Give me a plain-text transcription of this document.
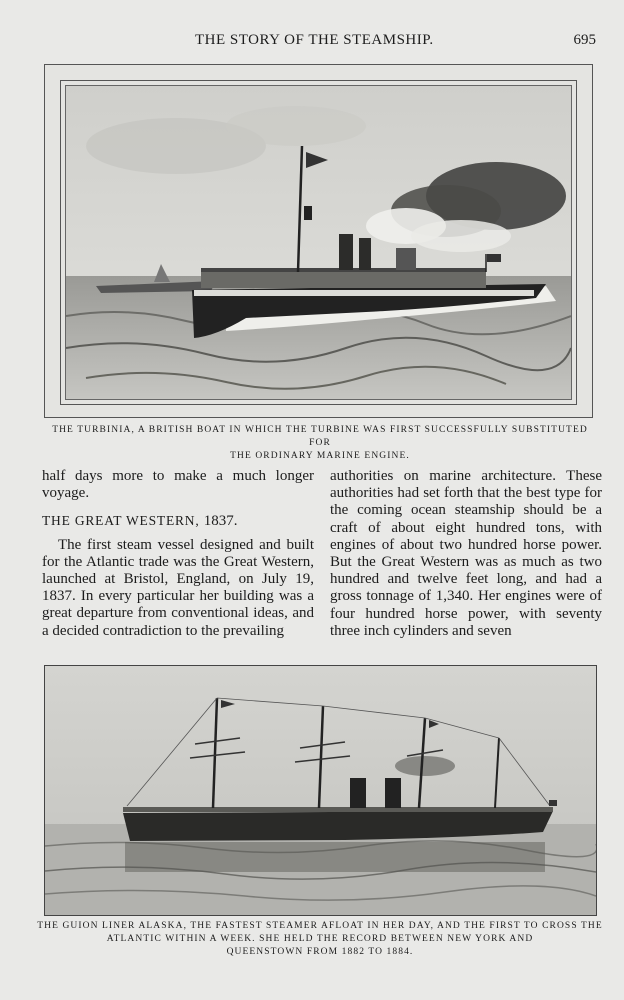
THE STORY OF THE STEAMSHIP.	695
THE TURBINIA, A BRITISH BOAT IN WHICH THE TURBINE WAS FIRST SUCCESSFULLY SUBSTITUTED FOR
THE ORDINARY MARINE ENGINE.

half days more to make a much longer voyage.

THE GREAT WESTERN, 1837.

The first steam vessel designed and built for the Atlantic trade was the Great Western, launched at Bristol, England, on July 19, 1837. In every particular her building was a great departure from conventional ideas, and a decided contradiction to the prevailing

authorities on marine architecture. These authorities had set forth that the best type for the coming ocean steamship should be a craft of about eight hundred tons, with engines of about two hundred horse power. But the Great Western was as much as two hundred and twelve feet long, and had a gross tonnage of 1,340. Her engines were of four hundred horse power, with seventy three inch cylinders and seven

THE GUION LINER ALASKA, THE FASTEST STEAMER AFLOAT IN HER DAY, AND THE FIRST TO CROSS THE
ATLANTIC WITHIN A WEEK. SHE HELD THE RECORD BETWEEN NEW YORK AND
QUEENSTOWN FROM 1882 TO 1884.
